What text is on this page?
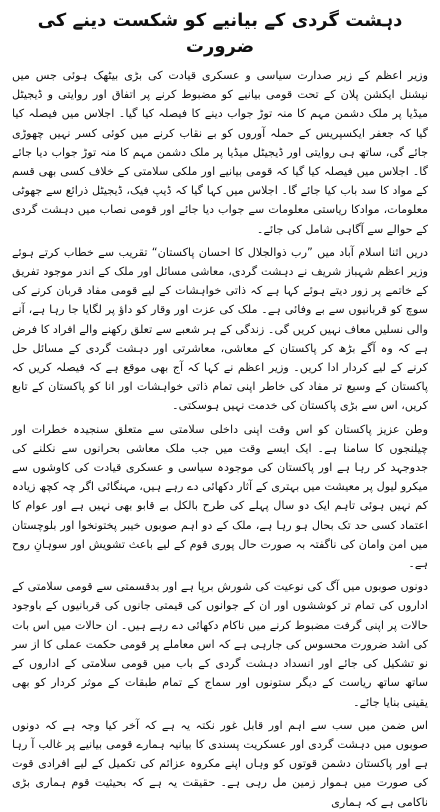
دہشت گردی کے بیانیے کو شکست دینے کی ضرورت

وزیر اعظم کے زیر صدارت سیاسی و عسکری قیادت کی بڑی بیٹھک ہوئی جس میں نیشنل ایکشن پلان کے تحت قومی بیانیے کو مضبوط کرنے پر اتفاق اور روایتی و ڈیجیٹل میڈیا پر ملک دشمن مہم کا منہ توڑ جواب دینے کا فیصلہ کیا گیا۔ اجلاس میں فیصلہ کیا گیا کہ جعفر ایکسپریس کے حملہ آوروں کو بے نقاب کرنے میں کوئی کسر نہیں چھوڑی جائے گی، ساتھ ہی روایتی اور ڈیجیٹل میڈیا پر ملک دشمن مہم کا منہ توڑ جواب دیا جائے گا۔ اجلاس میں فیصلہ کیا گیا کہ قومی بیانیے اور ملکی سلامتی کے خلاف کسی بھی قسم کے مواد کا سد باب کیا جائے گا۔ اجلاس میں کہا گیا کہ ڈیپ فیک، ڈیجیٹل ذرائع سے جھوٹی معلومات، موادکا ریاستی معلومات سے جواب دیا جائے اور قومی نصاب میں دہشت گردی کے حوالے سے آگاہی شامل کی جائے۔

دریں اثنا اسلام آباد میں ”رب ذوالجلال کا احسان پاکستان“ تقریب سے خطاب کرتے ہوئے وزیر اعظم شہباز شریف نے دہشت گردی، معاشی مسائل اور ملک کے اندر موجود تفریق کے خاتمے پر زور دیتے ہوئے کہا ہے کہ ذاتی خواہشات کے لیے قومی مفاد قربان کرنے کی سوچ کو قربانیوں سے بے وفائی ہے۔ ملک کی عزت اور وقار کو داؤ پر لگایا جا رہا ہے، آنے والی نسلیں معاف نہیں کریں گی۔ زندگی کے ہر شعبے سے تعلق رکھنے والے افراد کا فرض ہے کہ وہ آگے بڑھ کر پاکستان کے معاشی، معاشرتی اور دہشت گردی کے مسائل حل کرنے کے لیے کردار ادا کریں۔ وزیر اعظم نے کہا کہ آج بھی موقع ہے کہ فیصلہ کریں کہ پاکستان کے وسیع تر مفاد کی خاطر اپنی تمام ذاتی خواہشات اور انا کو پاکستان کے تابع کریں، اس سے بڑی پاکستان کی خدمت نہیں ہوسکتی۔

وطن عزیز پاکستان کو اس وقت اپنی داخلی سلامتی سے متعلق سنجیدہ خطرات اور چیلنجوں کا سامنا ہے۔ ایک ایسے وقت میں جب ملک معاشی بحرانوں سے نکلنے کی جدوجہد کر رہا ہے اور پاکستان کی موجودہ سیاسی و عسکری قیادت کی کاوشوں سے میکرو لیول پر معیشت میں بہتری کے آثار دکھائی دے رہے ہیں، مہنگائی اگر چہ کچھ زیادہ کم نہیں ہوئی تاہم ایک دو سال پہلے کی طرح بالکل بے قابو بھی نہیں ہے اور عوام کا اعتماد کسی حد تک بحال ہو رہا ہے، ملک کے دو اہم صوبوں خیبر پختونخوا اور بلوچستان میں امن وامان کی ناگفتہ بہ صورت حال پوری قوم کے لیے باعث تشویش اور سوہانِ روح ہے۔

دونوں صوبوں میں آگ کی نوعیت کی شورش برپا ہے اور بدقسمتی سے قومی سلامتی کے اداروں کی تمام تر کوششوں اور ان کے جوانوں کی قیمتی جانوں کی قربانیوں کے باوجود حالات پر اپنی گرفت مضبوط کرنے میں ناکام دکھائی دے رہے ہیں۔ ان حالات میں اس بات کی اشد ضرورت محسوس کی جارہی ہے کہ اس معاملے پر قومی حکمت عملی کا از سر نو تشکیل کی جائے اور انسداد دہشت گردی کے باب میں قومی سلامتی کے اداروں کے ساتھ ساتھ ریاست کے دیگر ستونوں اور سماج کے تمام طبقات کے موثر کردار کو بھی یقینی بنایا جائے۔

اس ضمن میں سب سے اہم اور قابل غور نکتہ یہ ہے کہ آخر کیا وجہ ہے کہ دونوں صوبوں میں دہشت گردی اور عسکریت پسندی کا بیانیہ ہمارے قومی بیانیے پر غالب آ رہا ہے اور پاکستان دشمن قوتوں کو وہاں اپنے مکروہ عزائم کی تکمیل کے لیے افرادی قوت کی صورت میں ہموار زمین مل رہی ہے۔ حقیقت یہ ہے کہ بحیثیت قوم ہماری بڑی ناکامی ہے کہ ہماری
